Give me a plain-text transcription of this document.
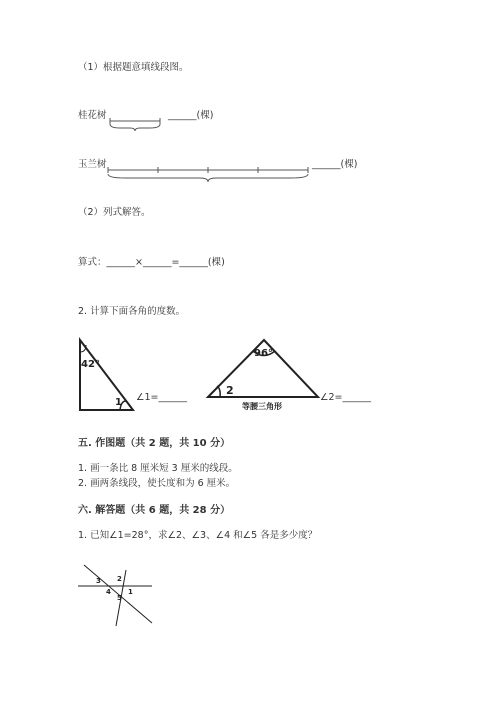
（1）根据题意填线段图。
桂花树	______(棵)
玉兰树	______(棵)
（2）列式解答。
算式：______×______=______(棵)
2. 计算下面各角的度数。
42°
1 ∠1=______
96°
2
等腰三角形
∠2=______
五. 作图题（共 2 题，共 10 分）
1. 画一条比 8 厘米短 3 厘米的线段。
2. 画两条线段，使长度和为 6 厘米。
六. 解答题（共 6 题，共 28 分）
1. 已知∠1=28°，求∠2、∠3、∠4 和∠5 各是多少度？
3 2
4 1
5
